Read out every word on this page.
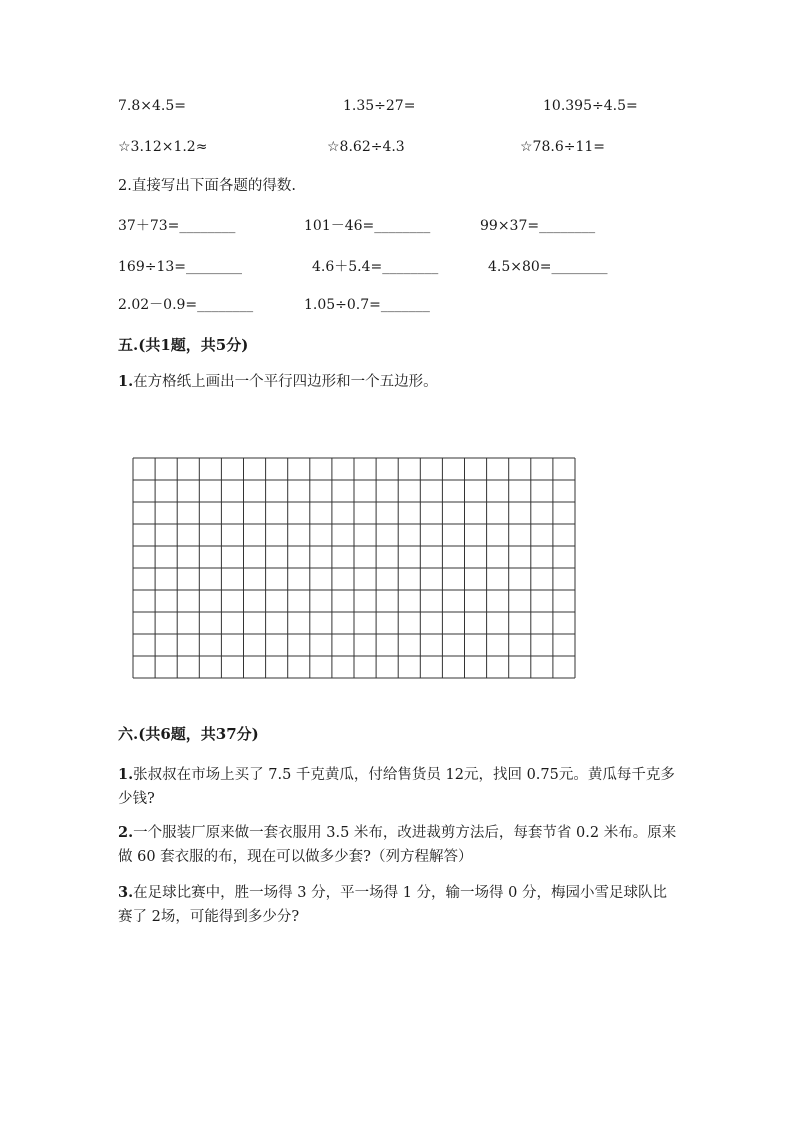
7.8×4.5=	1.35÷27=	10.395÷4.5=
☆3.12×1.2≈	☆8.62÷4.3	☆78.6÷11=
2.直接写出下面各题的得数.
37＋73=________	101－46=________	99×37=________
169÷13=________	4.6＋5.4=________	4.5×80=________
2.02－0.9=________	1.05÷0.7=_______
五.(共1题，共5分)
1.在方格纸上画出一个平行四边形和一个五边形。
六.(共6题，共37分)
1.张叔叔在市场上买了 7.5 千克黄瓜，付给售货员 12元，找回 0.75元。黄瓜每千克多少钱?
2.一个服装厂原来做一套衣服用 3.5 米布，改进裁剪方法后，每套节省 0.2 米布。原来做 60 套衣服的布，现在可以做多少套?（列方程解答）
3.在足球比赛中，胜一场得 3 分，平一场得 1 分，输一场得 0 分，梅园小雪足球队比赛了 2场，可能得到多少分?
